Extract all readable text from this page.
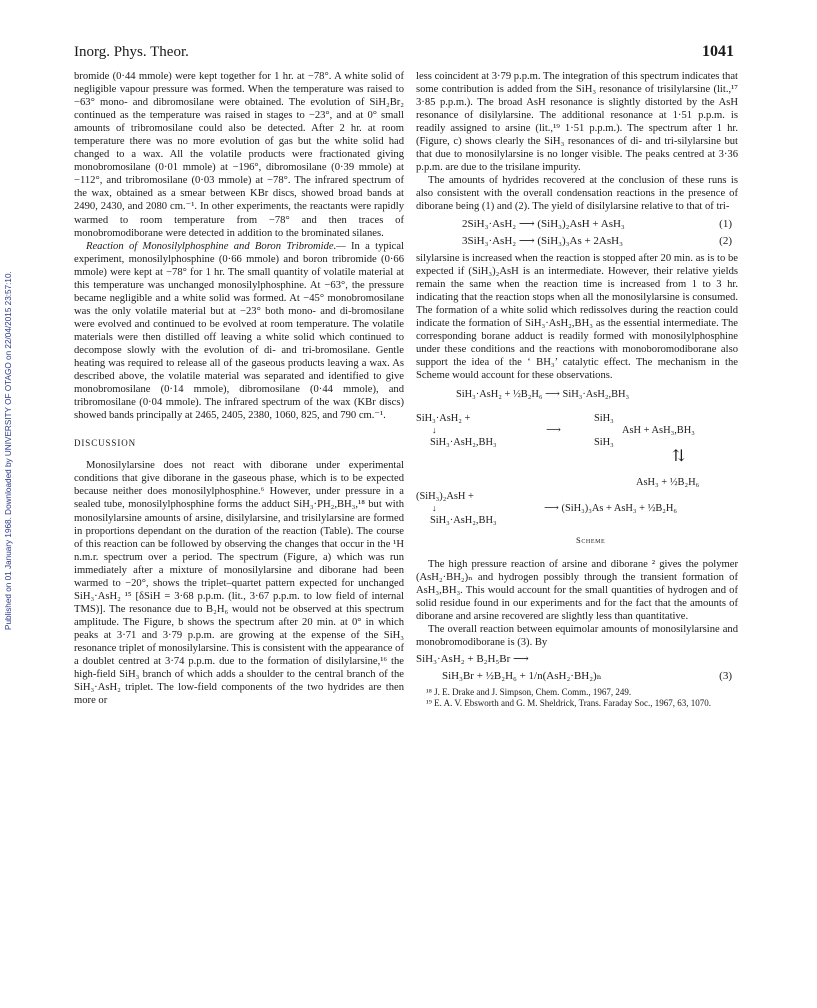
Published on 01 January 1968. Downloaded by UNIVERSITY OF OTAGO on 22/04/2015 23:57:10.
Inorg. Phys. Theor.	1041

bromide (0·44 mmole) were kept together for 1 hr. at −78°. A white solid of negligible vapour pressure was formed. When the temperature was raised to −63° mono- and dibromosilane were obtained. The evolution of SiH₂Br₂ continued as the temperature was raised in stages to −23°, and at 0° small amounts of tribromosilane could also be detected. After 2 hr. at room temperature there was no more evolution of gas but the white solid had changed to a wax. All the volatile products were fractionated giving monobromosilane (0·01 mmole) at −196°, dibromosilane (0·39 mmole) at −112°, and tribromosilane (0·03 mmole) at −78°. The infrared spectrum of the wax, obtained as a smear between KBr discs, showed broad bands at 2490, 2430, and 2080 cm.⁻¹. In other experiments, the reactants were rapidly warmed to room temperature from −78° and then traces of monobromodiborane were detected in addition to the brominated silanes.

Reaction of Monosilylphosphine and Boron Tribromide.— In a typical experiment, monosilylphosphine (0·66 mmole) and boron tribromide (0·66 mmole) were kept at −78° for 1 hr. The small quantity of volatile material at this temperature was unchanged monosilylphosphine. At −63°, the pressure became negligible and a white solid was formed. At −45° monobromosilane was the only volatile material but at −23° both mono- and di-bromosilane were evolved and continued to be evolved at room temperature. The volatile materials were then distilled off leaving a white solid which continued to decompose slowly with the evolution of di- and tri-bromosilane. Gentle heating was required to release all of the gaseous products leaving a wax. As described above, the volatile material was separated and identified to give monobromosilane (0·14 mmole), dibromosilane (0·44 mmole), and tribromosilane (0·04 mmole). The infrared spectrum of the wax (KBr discs) showed bands principally at 2465, 2405, 2380, 1060, 825, and 790 cm.⁻¹.

DISCUSSION

Monosilylarsine does not react with diborane under experimental conditions that give diborane in the gaseous phase, which is to be expected because neither does monosilylphosphine.⁶ However, under pressure in a sealed tube, monosilylphosphine forms the adduct SiH₃·PH₂,BH₃,¹⁸ but with monosilylarsine amounts of arsine, disilylarsine, and trisilylarsine are formed in proportions dependant on the duration of the reaction (Table). The course of this reaction can be followed by observing the changes that occur in the ¹H n.m.r. spectrum over a period. The spectrum (Figure, a) which was run immediately after a mixture of monosilylarsine and diborane had been warmed to −20°, shows the triplet–quartet pattern expected for unchanged SiH₃·AsH₂ ¹⁵ [δSiH = 3·68 p.p.m. (lit., 3·67 p.p.m. to low field of internal TMS)]. The resonance due to B₂H₆ would not be observed at this spectrum amplitude. The Figure, b shows the spectrum after 20 min. at 0° in which peaks at 3·71 and 3·79 p.p.m. are growing at the expense of the SiH₃ resonance triplet of monosilylarsine. This is consistent with the appearance of a doublet centred at 3·74 p.p.m. due to the formation of disilylarsine,¹⁶ the high-field SiH₃ branch of which adds a shoulder to the central branch of the SiH₃·AsH₂ triplet. The low-field components of the two hydrides are then more or

less coincident at 3·79 p.p.m. The integration of this spectrum indicates that some contribution is added from the SiH₃ resonance of trisilylarsine (lit.,¹⁷ 3·85 p.p.m.). The broad AsH resonance is slightly distorted by the AsH resonance of disilylarsine. The additional resonance at 1·51 p.p.m. is readily assigned to arsine (lit.,¹⁹ 1·51 p.p.m.). The spectrum after 1 hr. (Figure, c) shows clearly the SiH₃ resonances of di- and tri-silylarsine but that due to monosilylarsine is no longer visible. The peaks centred at 3·36 p.p.m. are due to the trisilane impurity.

The amounts of hydrides recovered at the conclusion of these runs is also consistent with the overall condensation reactions in the presence of diborane being (1) and (2). The yield of disilylarsine relative to that of tri-

2SiH₃·AsH₂ ⟶ (SiH₃)₂AsH + AsH₃	(1)
3SiH₃·AsH₂ ⟶ (SiH₃)₃As + 2AsH₃	(2)

silylarsine is increased when the reaction is stopped after 20 min. as is to be expected if (SiH₃)₂AsH is an intermediate. However, their relative yields remain the same when the reaction time is increased from 1 to 3 hr. indicating that the reaction stops when all the monosilylarsine is consumed. The formation of a white solid which redissolves during the reaction could indicate the formation of SiH₃·AsH₂,BH₃ as the essential intermediate. The corresponding borane adduct is readily formed with monosilylphosphine under these conditions and the reactions with monoboromodiborane also support the idea of the ‘ BH₃’ catalytic effect. The mechanism in the Scheme would account for these observations.

SiH₃·AsH₂ + ½B₂H₆ ⟶ SiH₃·AsH₂,BH₃
SiH₃·AsH₂ +
↓
SiH₃·AsH₂,BH₃
⟶
SiH₃
AsH + AsH₃,BH₃
SiH₃
⇅
AsH₃ + ½B₂H₆
(SiH₃)₂AsH +
↓
SiH₃·AsH₂,BH₃
⟶ (SiH₃)₃As + AsH₃ + ½B₂H₆
Scheme

The high pressure reaction of arsine and diborane ² gives the polymer (AsH₂·BH₂)ₙ and hydrogen possibly through the transient formation of AsH₃,BH₃. This would account for the small quantities of hydrogen and of solid residue found in our experiments and for the fact that the amounts of diborane and arsine recovered are slightly less than quantitative.

The overall reaction between equimolar amounts of monosilylarsine and monobromodiborane is (3). By

SiH₃·AsH₂ + B₂H₅Br ⟶
SiH₃Br + ½B₂H₆ + 1/n(AsH₂·BH₂)ₙ	(3)

¹⁸ J. E. Drake and J. Simpson, Chem. Comm., 1967, 249.

¹⁹ E. A. V. Ebsworth and G. M. Sheldrick, Trans. Faraday Soc., 1967, 63, 1070.
